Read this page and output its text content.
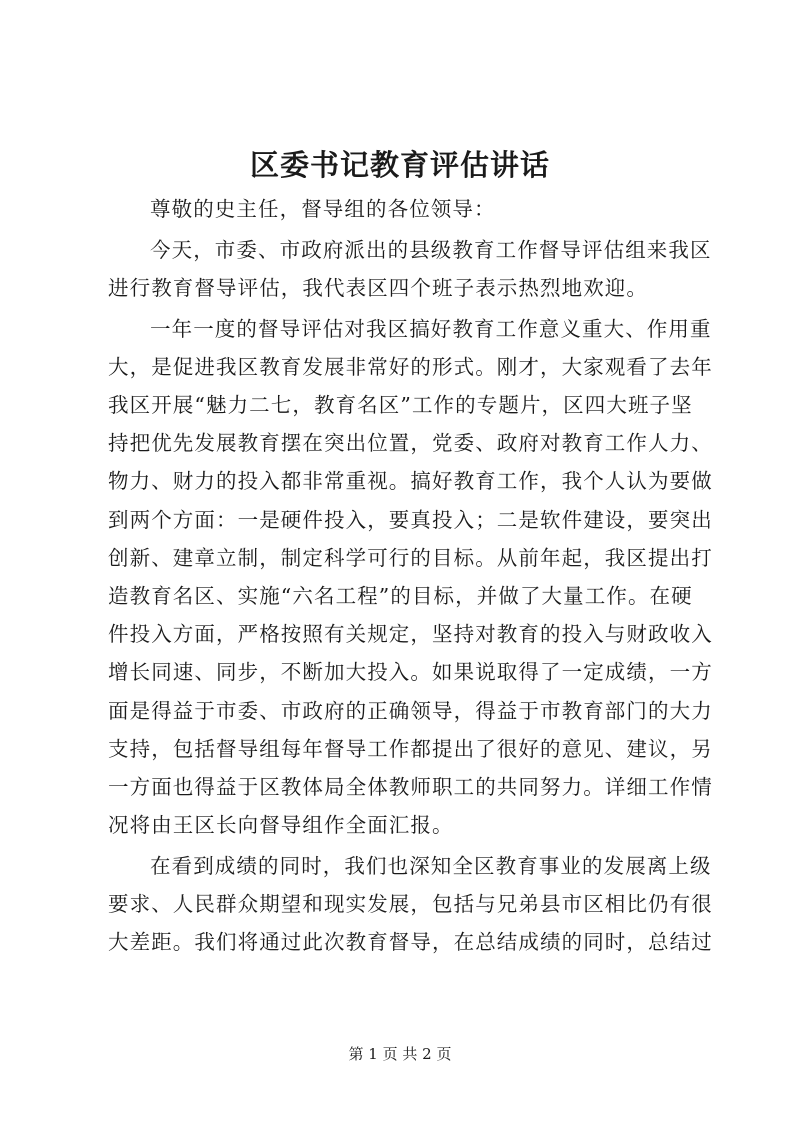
区委书记教育评估讲话

尊敬的史主任，督导组的各位领导：

今天，市委、市政府派出的县级教育工作督导评估组来我区

进行教育督导评估，我代表区四个班子表示热烈地欢迎。

一年一度的督导评估对我区搞好教育工作意义重大、作用重

大，是促进我区教育发展非常好的形式。刚才，大家观看了去年

我区开展“魅力二七，教育名区”工作的专题片，区四大班子坚

持把优先发展教育摆在突出位置，党委、政府对教育工作人力、

物力、财力的投入都非常重视。搞好教育工作，我个人认为要做

到两个方面：一是硬件投入，要真投入；二是软件建设，要突出

创新、建章立制，制定科学可行的目标。从前年起，我区提出打

造教育名区、实施“六名工程”的目标，并做了大量工作。在硬

件投入方面，严格按照有关规定，坚持对教育的投入与财政收入

增长同速、同步，不断加大投入。如果说取得了一定成绩，一方

面是得益于市委、市政府的正确领导，得益于市教育部门的大力

支持，包括督导组每年督导工作都提出了很好的意见、建议，另

一方面也得益于区教体局全体教师职工的共同努力。详细工作情

况将由王区长向督导组作全面汇报。

在看到成绩的同时，我们也深知全区教育事业的发展离上级

要求、人民群众期望和现实发展，包括与兄弟县市区相比仍有很

大差距。我们将通过此次教育督导，在总结成绩的同时，总结过

第 1 页 共 2 页
